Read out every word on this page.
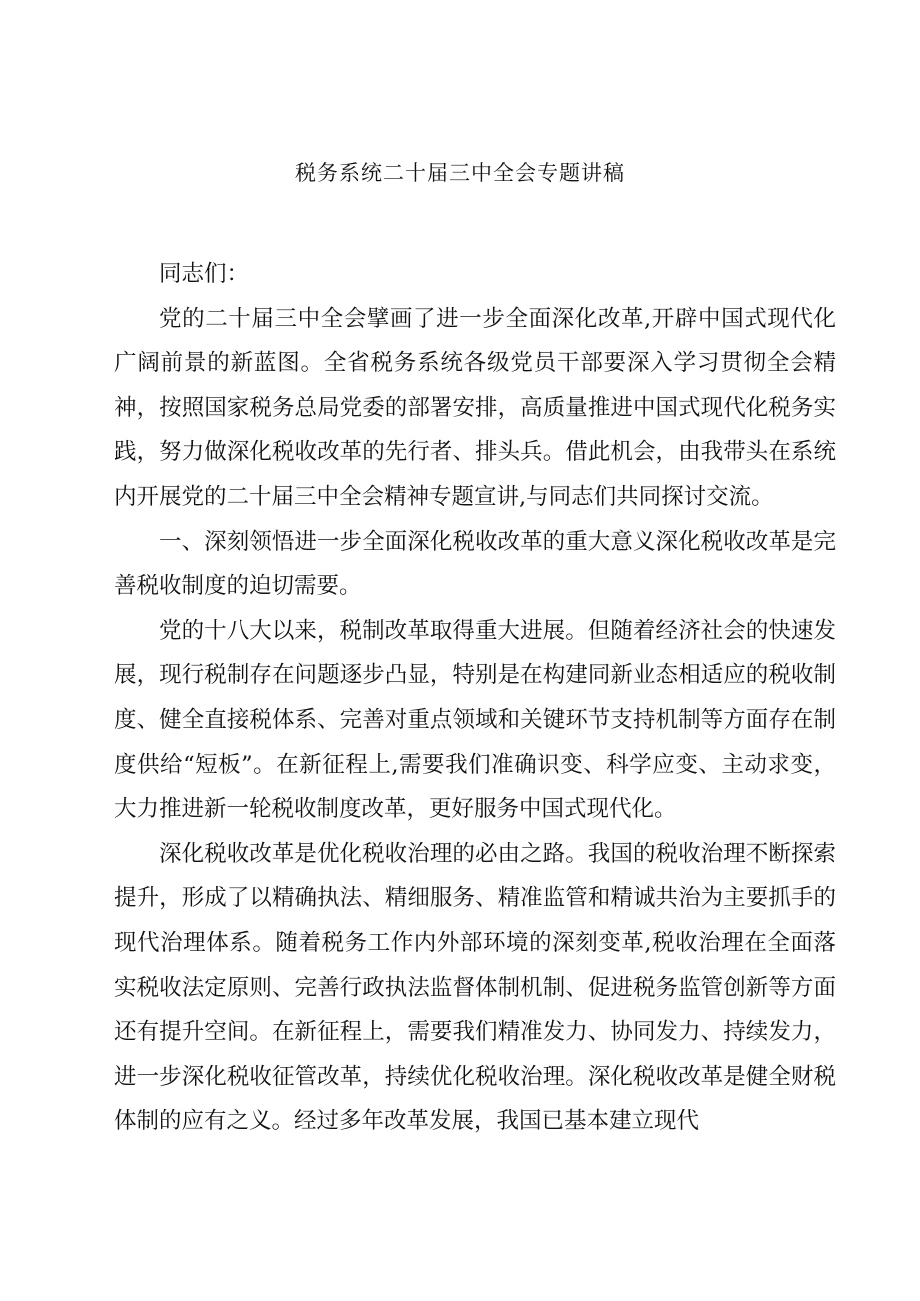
税务系统二十届三中全会专题讲稿

同志们：

党的二十届三中全会擘画了进一步全面深化改革,开辟中国式现代化广阔前景的新蓝图。全省税务系统各级党员干部要深入学习贯彻全会精神，按照国家税务总局党委的部署安排，高质量推进中国式现代化税务实践，努力做深化税收改革的先行者、排头兵。借此机会，由我带头在系统内开展党的二十届三中全会精神专题宣讲,与同志们共同探讨交流。

一、深刻领悟进一步全面深化税收改革的重大意义深化税收改革是完善税收制度的迫切需要。

党的十八大以来，税制改革取得重大进展。但随着经济社会的快速发展，现行税制存在问题逐步凸显，特别是在构建同新业态相适应的税收制度、健全直接税体系、完善对重点领域和关键环节支持机制等方面存在制度供给“短板”。在新征程上,需要我们准确识变、科学应变、主动求变，大力推进新一轮税收制度改革，更好服务中国式现代化。

深化税收改革是优化税收治理的必由之路。我国的税收治理不断探索提升，形成了以精确执法、精细服务、精准监管和精诚共治为主要抓手的现代治理体系。随着税务工作内外部环境的深刻变革,税收治理在全面落实税收法定原则、完善行政执法监督体制机制、促进税务监管创新等方面还有提升空间。在新征程上，需要我们精准发力、协同发力、持续发力，进一步深化税收征管改革，持续优化税收治理。深化税收改革是健全财税体制的应有之义。经过多年改革发展，我国已基本建立现代
